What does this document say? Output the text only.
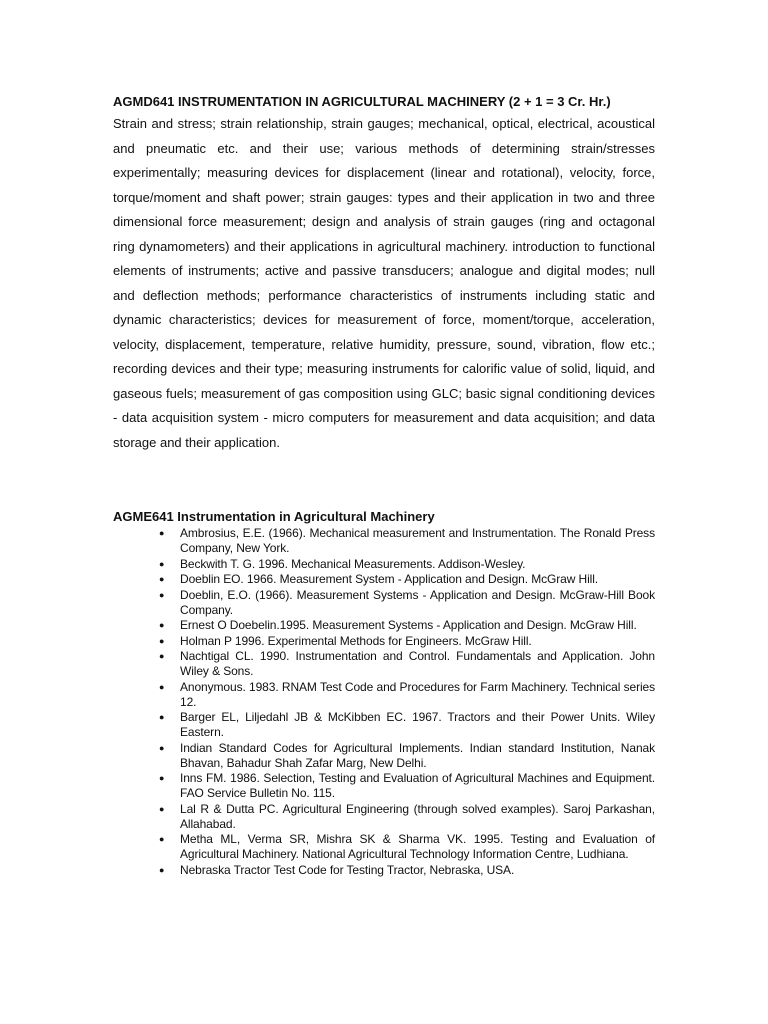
AGMD641 INSTRUMENTATION IN AGRICULTURAL MACHINERY (2 + 1 = 3 Cr. Hr.)

Strain and stress; strain relationship, strain gauges; mechanical, optical, electrical, acoustical and pneumatic etc. and their use; various methods of determining strain/stresses experimentally; measuring devices for displacement (linear and rotational), velocity, force, torque/moment and shaft power; strain gauges: types and their application in two and three dimensional force measurement; design and analysis of strain gauges (ring and octagonal ring dynamometers) and their applications in agricultural machinery. introduction to functional elements of instruments; active and passive transducers; analogue and digital modes; null and deflection methods; performance characteristics of instruments including static and dynamic characteristics; devices for measurement of force, moment/torque, acceleration, velocity, displacement, temperature, relative humidity, pressure, sound, vibration, flow etc.; recording devices and their type; measuring instruments for calorific value of solid, liquid, and gaseous fuels; measurement of gas composition using GLC; basic signal conditioning devices - data acquisition system - micro computers for measurement and data acquisition; and data storage and their application.

AGME641 Instrumentation in Agricultural Machinery

● Ambrosius, E.E. (1966). Mechanical measurement and Instrumentation. The Ronald Press Company, New York.
● Beckwith T. G. 1996. Mechanical Measurements. Addison-Wesley.
● Doeblin EO. 1966. Measurement System - Application and Design. McGraw Hill.
● Doeblin, E.O. (1966). Measurement Systems - Application and Design. McGraw-Hill Book Company.
● Ernest O Doebelin.1995. Measurement Systems - Application and Design. McGraw Hill.
● Holman P 1996. Experimental Methods for Engineers. McGraw Hill.
● Nachtigal CL. 1990. Instrumentation and Control. Fundamentals and Application. John Wiley & Sons.
● Anonymous. 1983. RNAM Test Code and Procedures for Farm Machinery. Technical series 12.
● Barger EL, Liljedahl JB & McKibben EC. 1967. Tractors and their Power Units. Wiley Eastern.
● Indian Standard Codes for Agricultural Implements. Indian standard Institution, Nanak Bhavan, Bahadur Shah Zafar Marg, New Delhi.
● Inns FM. 1986. Selection, Testing and Evaluation of Agricultural Machines and Equipment. FAO Service Bulletin No. 115.
● Lal R & Dutta PC. Agricultural Engineering (through solved examples). Saroj Parkashan, Allahabad.
● Metha ML, Verma SR, Mishra SK & Sharma VK. 1995. Testing and Evaluation of Agricultural Machinery. National Agricultural Technology Information Centre, Ludhiana.
● Nebraska Tractor Test Code for Testing Tractor, Nebraska, USA.
